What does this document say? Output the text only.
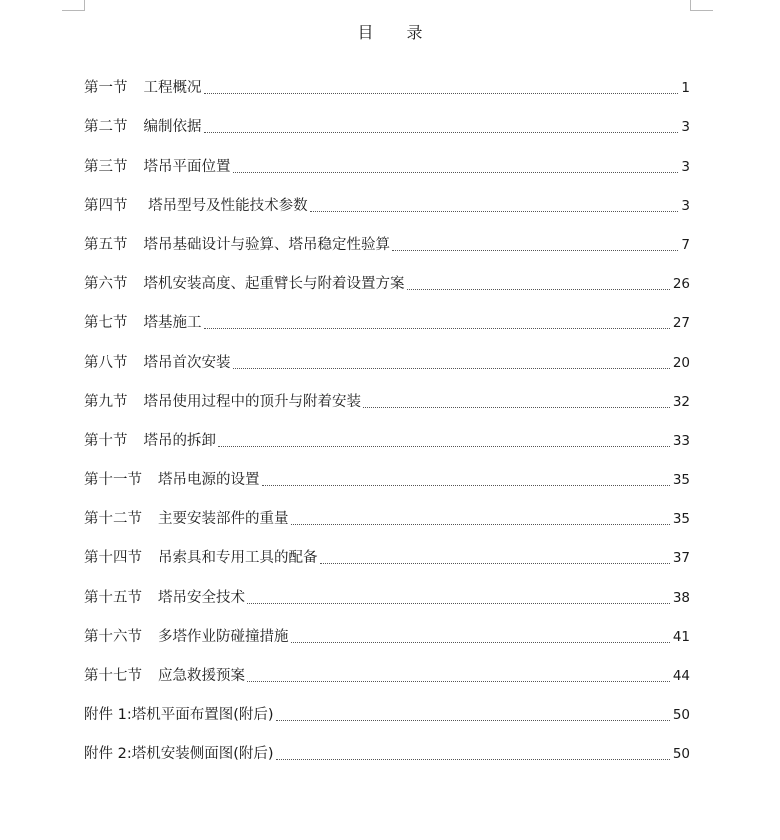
目 录
第一节 工程概况	1
第二节 编制依据	3
第三节 塔吊平面位置	3
第四节 塔吊型号及性能技术参数	3
第五节 塔吊基础设计与验算、塔吊稳定性验算	7
第六节 塔机安装高度、起重臂长与附着设置方案	26
第七节 塔基施工	27
第八节 塔吊首次安装	20
第九节 塔吊使用过程中的顶升与附着安装	32
第十节 塔吊的拆卸	33
第十一节 塔吊电源的设置	35
第十二节 主要安装部件的重量	35
第十四节 吊索具和专用工具的配备	37
第十五节 塔吊安全技术	38
第十六节 多塔作业防碰撞措施	41
第十七节 应急救援预案	44
附件 1:塔机平面布置图(附后)	50
附件 2:塔机安装侧面图(附后)	50
